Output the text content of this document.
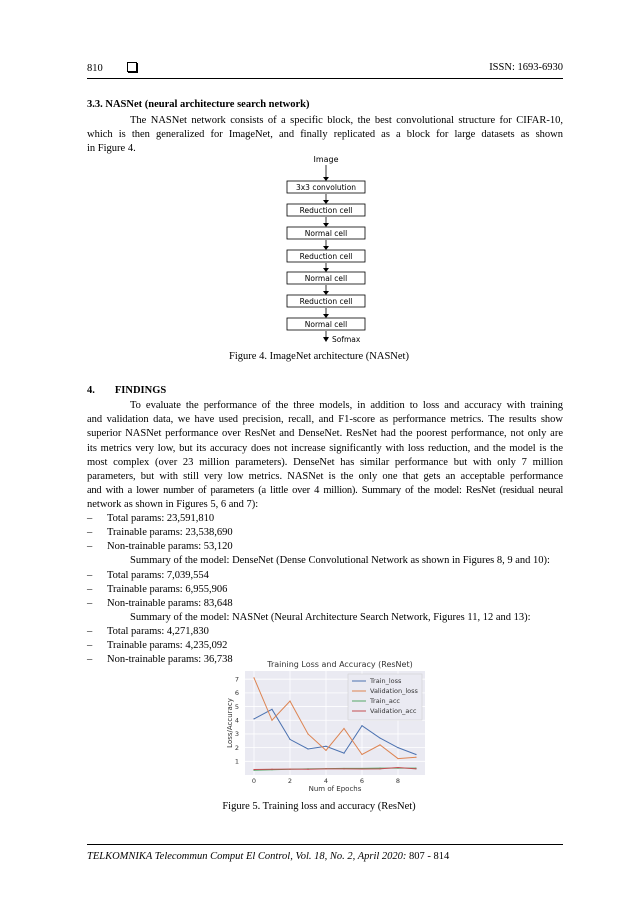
810	ISSN: 1693-6930
3.3. NASNet (neural architecture search network)
The NASNet network consists of a specific block, the best convolutional structure for CIFAR-10,
which is then generalized for ImageNet, and finally replicated as a block for large datasets as shown
in Figure 4.
Image
3x3 convolution
Reduction cell
Normal cell
Reduction cell
Normal cell
Reduction cell
Normal cell
Sofmax
Figure 4. ImageNet architecture (NASNet)
4. FINDINGS
To evaluate the performance of the three models, in addition to loss and accuracy with training
and validation data, we have used precision, recall, and F1-score as performance metrics. The results show
superior NASNet performance over ResNet and DenseNet. ResNet had the poorest performance, not only are
its metrics very low, but its accuracy does not increase significantly with loss reduction, and the model is the
most complex (over 23 million parameters). DenseNet has similar performance but with only 7 million
parameters, but with still very low metrics. NASNet is the only one that gets an acceptable performance
and with a lower number of parameters (a little over 4 million). Summary of the model: ResNet (residual neural
network as shown in Figures 5, 6 and 7):
– Total params: 23,591,810
– Trainable params: 23,538,690
– Non-trainable params: 53,120
Summary of the model: DenseNet (Dense Convolutional Network as shown in Figures 8, 9 and 10):
– Total params: 7,039,554
– Trainable params: 6,955,906
– Non-trainable params: 83,648
Summary of the model: NASNet (Neural Architecture Search Network, Figures 11, 12 and 13):
– Total params: 4,271,830
– Trainable params: 4,235,092
– Non-trainable params: 36,738	Training Loss and Accuracy (ResNet)
0	2	4	6	8
1
2
3
4
5
6
7
Num of Epochs
Loss/Accuracy
Train_loss
Validation_loss
Train_acc
Validation_acc
Figure 5. Training loss and accuracy (ResNet)
TELKOMNIKA Telecommun Comput El Control, Vol. 18, No. 2, April 2020: 807 - 814
